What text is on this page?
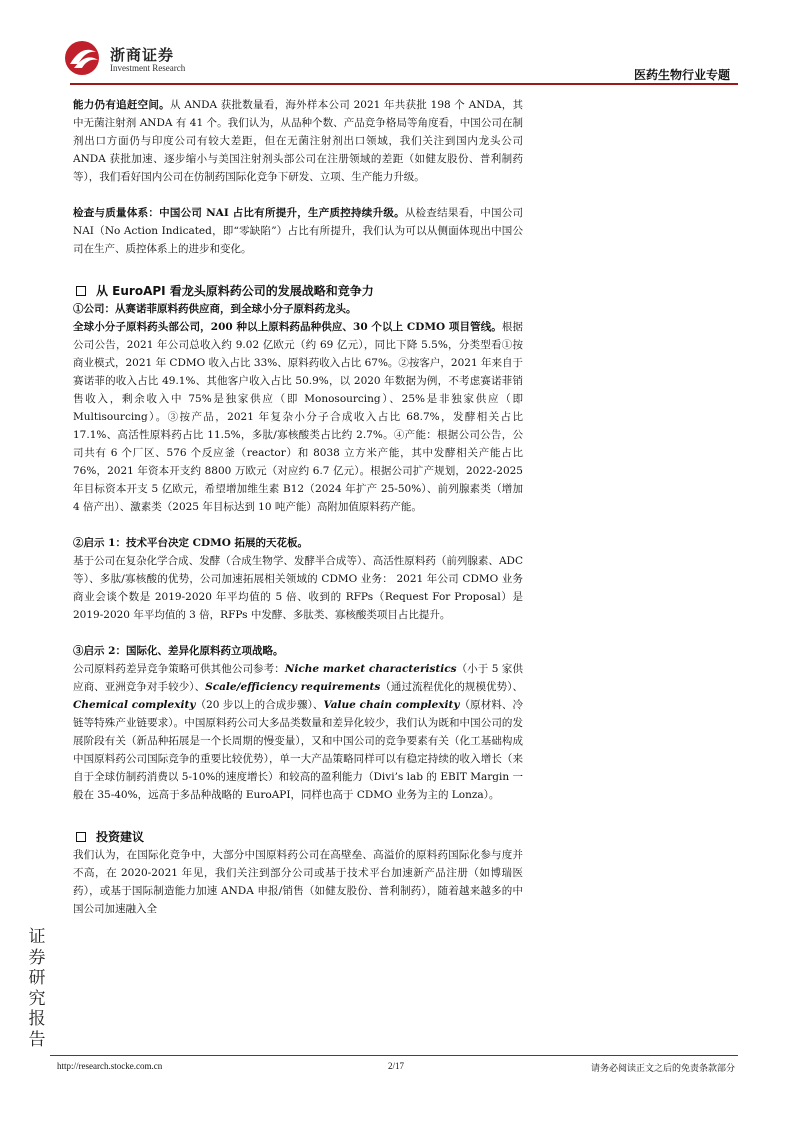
浙商证券
Investment Research	医药生物行业专题
证
券
研
究
报
告

能力仍有追赶空间。从 ANDA 获批数量看，海外样本公司 2021 年共获批 198 个 ANDA，其中无菌注射剂 ANDA 有 41 个。我们认为，从品种个数、产品竞争格局等角度看，中国公司在制剂出口方面仍与印度公司有较大差距，但在无菌注射剂出口领域，我们关注到国内龙头公司 ANDA 获批加速、逐步缩小与美国注射剂头部公司在注册领域的差距（如健友股份、普利制药等），我们看好国内公司在仿制药国际化竞争下研发、立项、生产能力升级。

检查与质量体系：中国公司 NAI 占比有所提升，生产质控持续升级。从检查结果看，中国公司 NAI（No Action Indicated，即“零缺陷”）占比有所提升，我们认为可以从侧面体现出中国公司在生产、质控体系上的进步和变化。

从 EuroAPI 看龙头原料药公司的发展战略和竞争力

①公司：从赛诺菲原料药供应商，到全球小分子原料药龙头。

全球小分子原料药头部公司，200 种以上原料药品种供应、30 个以上 CDMO 项目管线。根据公司公告，2021 年公司总收入约 9.02 亿欧元（约 69 亿元），同比下降 5.5%，分类型看①按商业模式，2021 年 CDMO 收入占比 33%、原料药收入占比 67%。②按客户，2021 年来自于赛诺菲的收入占比 49.1%、其他客户收入占比 50.9%，以 2020 年数据为例，不考虑赛诺菲销售收入，剩余收入中 75%是独家供应（即 Monosourcing）、25%是非独家供应（即 Multisourcing）。③按产品，2021 年复杂小分子合成收入占比 68.7%，发酵相关占比 17.1%、高活性原料药占比 11.5%，多肽/寡核酸类占比约 2.7%。④产能：根据公司公告，公司共有 6 个厂区、576 个反应釜（reactor）和 8038 立方米产能，其中发酵相关产能占比 76%，2021 年资本开支约 8800 万欧元（对应约 6.7 亿元）。根据公司扩产规划，2022-2025 年目标资本开支 5 亿欧元，希望增加维生素 B12（2024 年扩产 25-50%）、前列腺素类（增加 4 倍产出）、激素类（2025 年目标达到 10 吨产能）高附加值原料药产能。

②启示 1：技术平台决定 CDMO 拓展的天花板。

基于公司在复杂化学合成、发酵（合成生物学、发酵半合成等）、高活性原料药（前列腺素、ADC 等）、多肽/寡核酸的优势，公司加速拓展相关领域的 CDMO 业务： 2021 年公司 CDMO 业务商业会谈个数是 2019-2020 年平均值的 5 倍、收到的 RFPs（Request For Proposal）是 2019-2020 年平均值的 3 倍，RFPs 中发酵、多肽类、寡核酸类项目占比提升。

③启示 2：国际化、差异化原料药立项战略。

公司原料药差异竞争策略可供其他公司参考：Niche market characteristics（小于 5 家供应商、亚洲竞争对手较少）、Scale/efficiency requirements（通过流程优化的规模优势）、Chemical complexity（20 步以上的合成步骤）、Value chain complexity（原材料、冷链等特殊产业链要求）。中国原料药公司大多品类数量和差异化较少，我们认为既和中国公司的发展阶段有关（新品种拓展是一个长周期的慢变量），又和中国公司的竞争要素有关（化工基础构成中国原料药公司国际竞争的重要比较优势），单一大产品策略同样可以有稳定持续的收入增长（来自于全球仿制药消费以 5-10%的速度增长）和较高的盈利能力（Divi’s lab 的 EBIT Margin 一般在 35-40%，远高于多品种战略的 EuroAPI，同样也高于 CDMO 业务为主的 Lonza）。

投资建议

我们认为，在国际化竞争中，大部分中国原料药公司在高壁垒、高溢价的原料药国际化参与度并不高，在 2020-2021 年见，我们关注到部分公司或基于技术平台加速新产品注册（如博瑞医药），或基于国际制造能力加速 ANDA 申报/销售（如健友股份、普利制药），随着越来越多的中国公司加速融入全

http://research.stocke.com.cn	2/17	请务必阅读正文之后的免责条款部分
